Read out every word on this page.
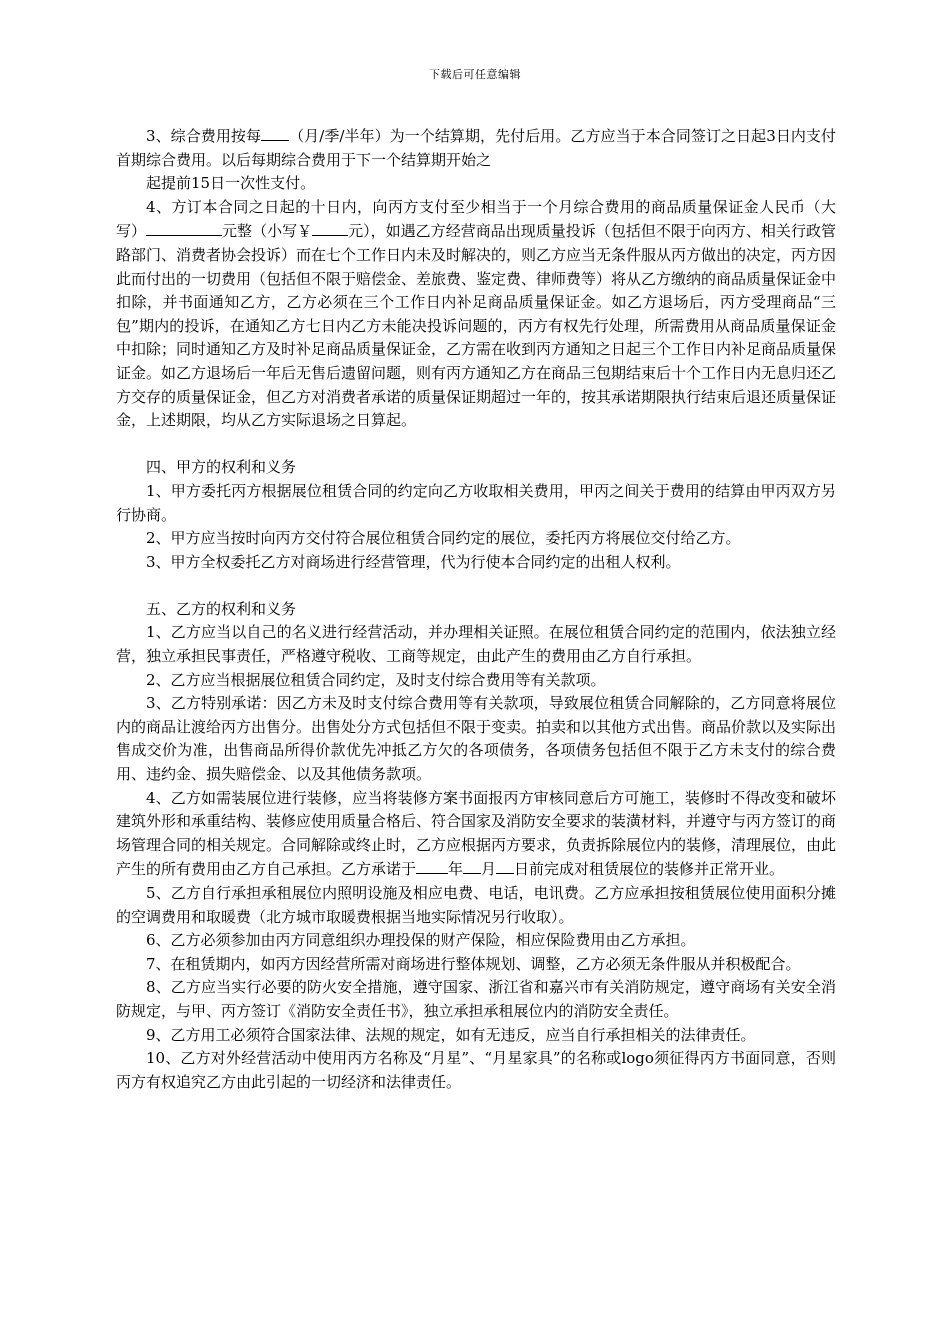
下载后可任意编辑

3、综合费用按每 （月/季/半年）为一个结算期，先付后用。乙方应当于本合同签订之日起3日内支付首期综合费用。以后每期综合费用于下一个结算期开始之

起提前15日一次性支付。

4、方订本合同之日起的十日内，向丙方支付至少相当于一个月综合费用的商品质量保证金人民币（大写）	元整（小写￥ 元），如遇乙方经营商品出现质量投诉（包括但不限于向丙方、相关行政管路部门、消费者协会投诉）而在七个工作日内未及时解决的，则乙方应当无条件服从丙方做出的决定，丙方因此而付出的一切费用（包括但不限于赔偿金、差旅费、鉴定费、律师费等）将从乙方缴纳的商品质量保证金中扣除，并书面通知乙方，乙方必须在三个工作日内补足商品质量保证金。如乙方退场后，丙方受理商品“三包”期内的投诉，在通知乙方七日内乙方未能决投诉问题的，丙方有权先行处理，所需费用从商品质量保证金中扣除；同时通知乙方及时补足商品质量保证金，乙方需在收到丙方通知之日起三个工作日内补足商品质量保证金。如乙方退场后一年后无售后遗留问题，则有丙方通知乙方在商品三包期结束后十个工作日内无息归还乙方交存的质量保证金，但乙方对消费者承诺的质量保证期超过一年的，按其承诺期限执行结束后退还质量保证金，上述期限，均从乙方实际退场之日算起。

四、甲方的权利和义务

1、甲方委托丙方根据展位租赁合同的约定向乙方收取相关费用，甲丙之间关于费用的结算由甲丙双方另行协商。

2、甲方应当按时向丙方交付符合展位租赁合同约定的展位，委托丙方将展位交付给乙方。

3、甲方全权委托乙方对商场进行经营管理，代为行使本合同约定的出租人权利。

五、乙方的权利和义务

1、乙方应当以自己的名义进行经营活动，并办理相关证照。在展位租赁合同约定的范围内，依法独立经营，独立承担民事责任，严格遵守税收、工商等规定，由此产生的费用由乙方自行承担。

2、乙方应当根据展位租赁合同约定，及时支付综合费用等有关款项。

3、乙方特别承诺：因乙方未及时支付综合费用等有关款项，导致展位租赁合同解除的，乙方同意将展位内的商品让渡给丙方出售分。出售处分方式包括但不限于变卖。拍卖和以其他方式出售。商品价款以及实际出售成交价为准，出售商品所得价款优先冲抵乙方欠的各项债务，各项债务包括但不限于乙方未支付的综合费用、违约金、损失赔偿金、以及其他债务款项。

4、乙方如需装展位进行装修，应当将装修方案书面报丙方审核同意后方可施工，装修时不得改变和破坏建筑外形和承重结构、装修应使用质量合格后、符合国家及消防安全要求的装潢材料，并遵守与丙方签订的商场管理合同的相关规定。合同解除或终止时，乙方应根据丙方要求，负责拆除展位内的装修，清理展位，由此产生的所有费用由乙方自己承担。乙方承诺于 年 月 日前完成对租赁展位的装修并正常开业。

5、乙方自行承担承租展位内照明设施及相应电费、电话，电讯费。乙方应承担按租赁展位使用面积分摊的空调费用和取暖费（北方城市取暖费根据当地实际情况另行收取）。

6、乙方必须参加由丙方同意组织办理投保的财产保险，相应保险费用由乙方承担。

7、在租赁期内，如丙方因经营所需对商场进行整体规划、调整，乙方必须无条件服从并积极配合。

8、乙方应当实行必要的防火安全措施，遵守国家、浙江省和嘉兴市有关消防规定，遵守商场有关安全消防规定，与甲、丙方签订《消防安全责任书》，独立承担承租展位内的消防安全责任。

9、乙方用工必须符合国家法律、法规的规定，如有无违反，应当自行承担相关的法律责任。

10、乙方对外经营活动中使用丙方名称及“月星”、“月星家具”的名称或logo须征得丙方书面同意，否则丙方有权追究乙方由此引起的一切经济和法律责任。
